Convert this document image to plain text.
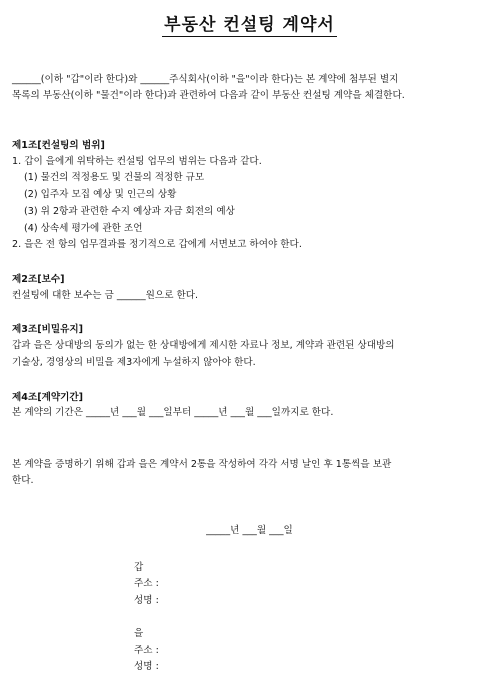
부동산 컨설팅 계약서
______(이하 "갑"이라 한다)와 ______주식회사(이하 "을"이라 한다)는 본 계약에 첨부된 별지
목록의 부동산(이하 "물건"이라 한다)과 관련하여 다음과 같이 부동산 컨설팅 계약을 체결한다.
제1조[컨설팅의 범위]
1. 갑이 을에게 위탁하는 컨설팅 업무의 범위는 다음과 같다.
(1) 물건의 적정용도 및 건물의 적정한 규모
(2) 입주자 모집 예상 및 인근의 상황
(3) 위 2항과 관련한 수지 예상과 자금 회전의 예상
(4) 상속세 평가에 관한 조언
2. 을은 전 항의 업무결과를 정기적으로 갑에게 서면보고 하여야 한다.
제2조[보수]
컨설팅에 대한 보수는 금 ______원으로 한다.
제3조[비밀유지]
갑과 을은 상대방의 동의가 없는 한 상대방에게 제시한 자료나 정보, 계약과 관련된 상대방의
기술상, 경영상의 비밀을 제3자에게 누설하지 않아야 한다.
제4조[계약기간]
본 계약의 기간은 _____년 ___월 ___일부터 _____년 ___월 ___일까지로 한다.
본 계약을 증명하기 위해 갑과 을은 계약서 2통을 작성하여 각각 서명 날인 후 1통씩을 보관
한다.
_____년 ___월 ___일
갑
주소 :
성명 :
을
주소 :
성명 :
